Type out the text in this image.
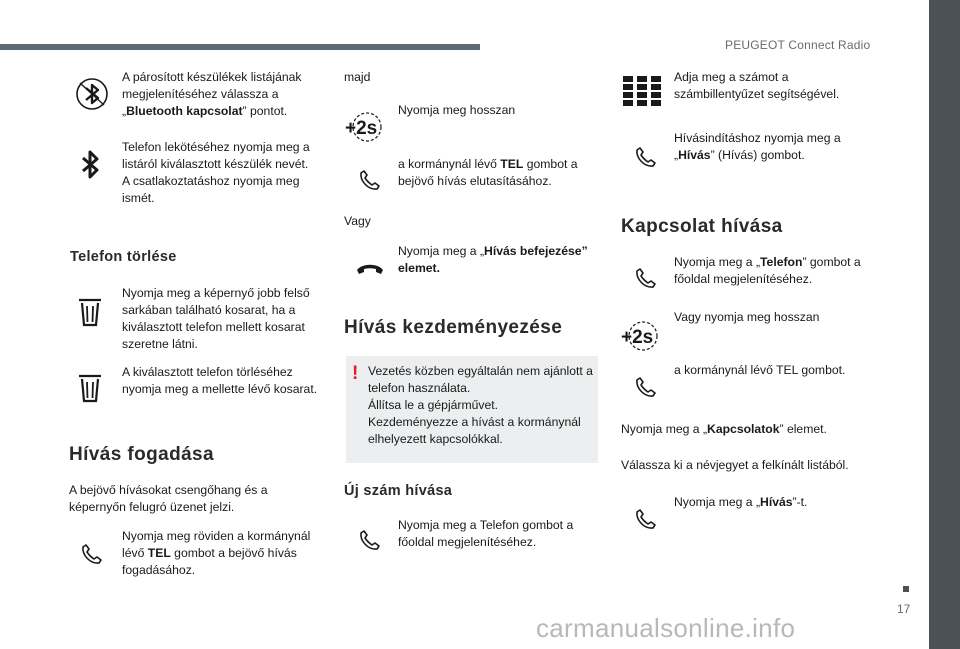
PEUGEOT Connect Radio
17
carmanualsonline.info
A párosított készülékek listájának
megjelenítéséhez válassza a
„Bluetooth kapcsolat” pontot.
Telefon lekötéséhez nyomja meg a
listáról kiválasztott készülék nevét.
A csatlakoztatáshoz nyomja meg
ismét.
Telefon törlése
Nyomja meg a képernyő jobb felső
sarkában található kosarat, ha a
kiválasztott telefon mellett kosarat
szeretne látni.
A kiválasztott telefon törléséhez
nyomja meg a mellette lévő kosarat.
Hívás fogadása
A bejövő hívásokat csengőhang és a
képernyőn felugró üzenet jelzi.
Nyomja meg röviden a kormánynál
lévő TEL gombot a bejövő hívás
fogadásához.
majd
+2s
Nyomja meg hosszan
a kormánynál lévő TEL gombot a
bejövő hívás elutasításához.
Vagy
Nyomja meg a „Hívás befejezése”
elemet.
Hívás kezdeményezése
! Vezetés közben egyáltalán nem ajánlott a
telefon használata.
Állítsa le a gépjárművet.
Kezdeményezze a hívást a kormánynál
elhelyezett kapcsolókkal.
Új szám hívása
Nyomja meg a Telefon gombot a
főoldal megjelenítéséhez.
Adja meg a számot a
számbillentyűzet segítségével.
Hívásindításhoz nyomja meg a
„Hívás” (Hívás) gombot.
Kapcsolat hívása
Nyomja meg a „Telefon” gombot a
főoldal megjelenítéséhez.
+2s
Vagy nyomja meg hosszan
a kormánynál lévő TEL gombot.
Nyomja meg a „Kapcsolatok” elemet.
Válassza ki a névjegyet a felkínált listából.
Nyomja meg a „Hívás”-t.
